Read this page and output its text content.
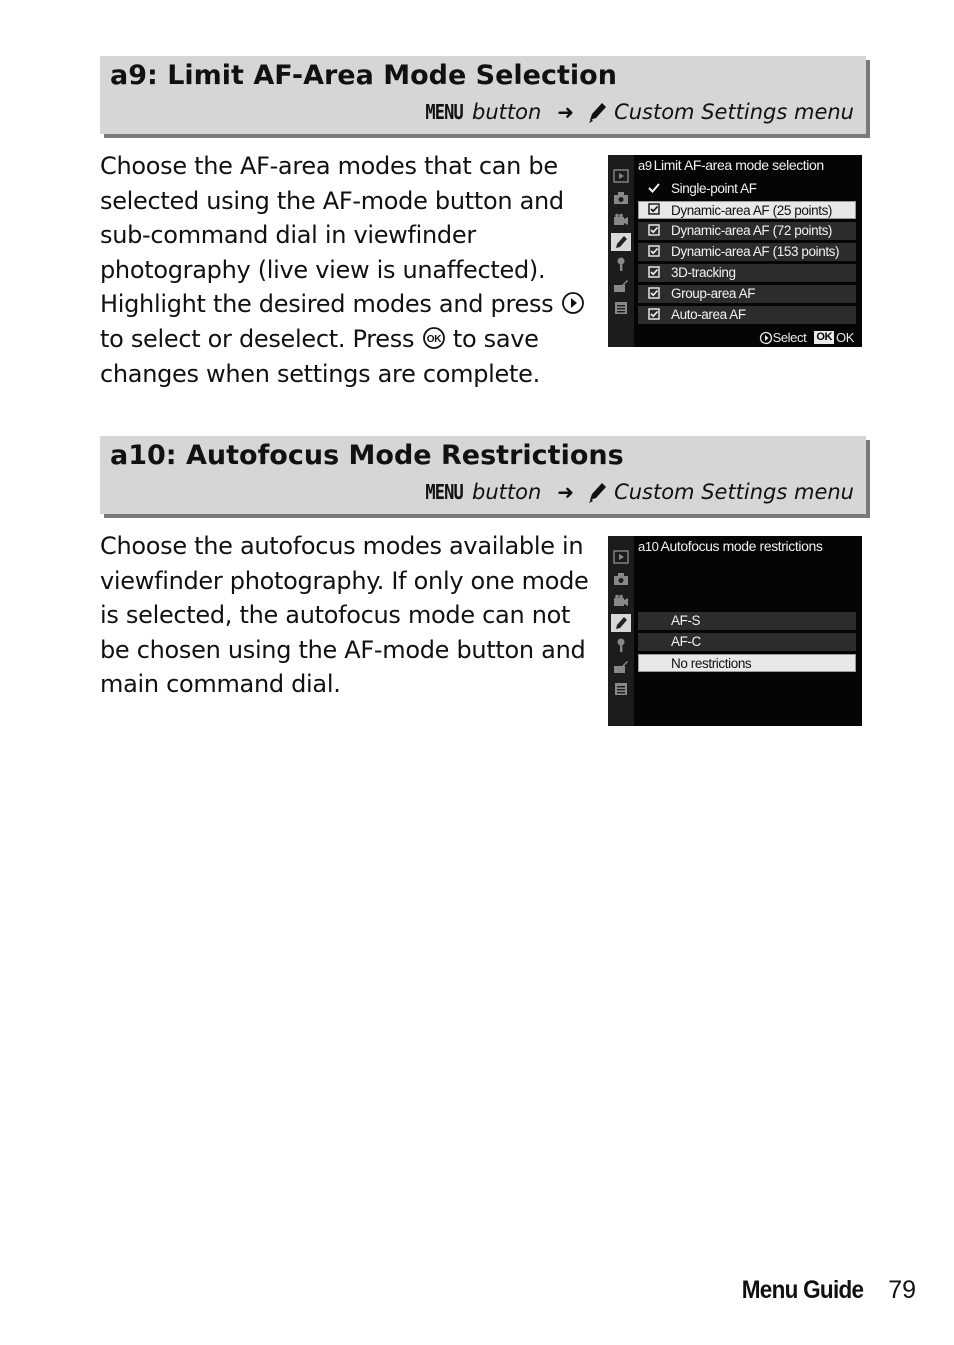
a9: Limit AF-Area Mode Selection
MENU button ➜ Custom Settings menu
Choose the AF-area modes that can be selected using the AF-mode button and sub-command dial in viewfinder photography (live view is unaffected). Highlight the desired modes and press  to select or deselect. Press OK to save changes when settings are complete.
a9 Limit AF-area mode selection
Single-point AF
Dynamic-area AF (25 points)
Dynamic-area AF (72 points)
Dynamic-area AF (153 points)
3D-tracking
Group-area AF
Auto-area AF
Select OK OK
a10: Autofocus Mode Restrictions
MENU button ➜ Custom Settings menu
Choose the autofocus modes available in viewfinder photography. If only one mode is selected, the autofocus mode can not be chosen using the AF-mode button and main command dial.
a10 Autofocus mode restrictions
AF-S
AF-C
No restrictions
Menu Guide 79
